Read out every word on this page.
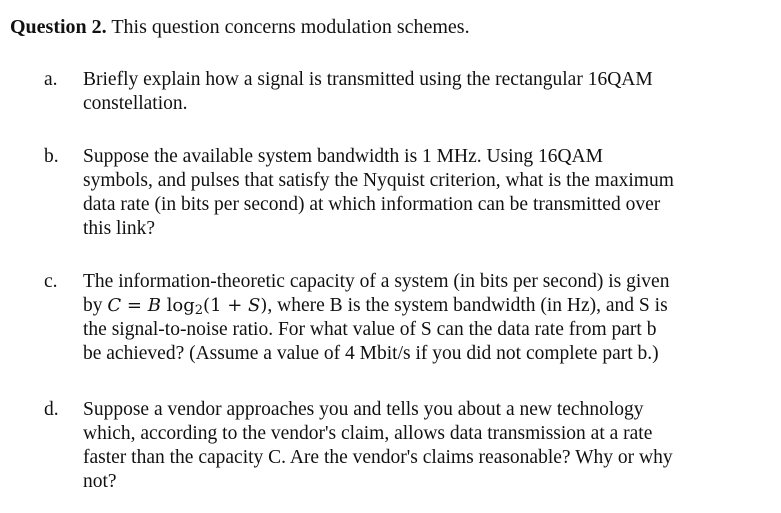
Question 2. This question concerns modulation schemes.
a.	Briefly explain how a signal is transmitted using the rectangular 16QAM
constellation.
b.	Suppose the available system bandwidth is 1 MHz. Using 16QAM
symbols, and pulses that satisfy the Nyquist criterion, what is the maximum
data rate (in bits per second) at which information can be transmitted over
this link?
c.	The information-theoretic capacity of a system (in bits per second) is given
by C = B $\log_2(1 + S)$, where B is the system bandwidth (in Hz), and S is
the signal-to-noise ratio. For what value of S can the data rate from part b
be achieved? (Assume a value of 4 Mbit/s if you did not complete part b.)
d.	Suppose a vendor approaches you and tells you about a new technology
which, according to the vendor's claim, allows data transmission at a rate
faster than the capacity C. Are the vendor's claims reasonable? Why or why
not?
